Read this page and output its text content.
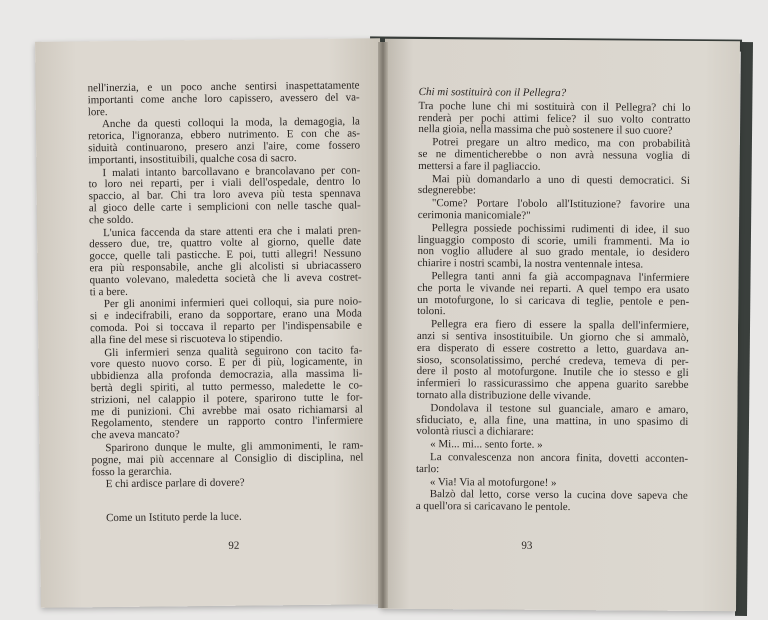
nell'inerzia, e un poco anche sentirsi inaspettatamente
importanti come anche loro capissero, avessero del va-
lore.
Anche da questi colloqui la moda, la demagogia, la
retorica, l'ignoranza, ebbero nutrimento. E con che as-
siduità continuarono, presero anzi l'aire, come fossero
importanti, insostituibili, qualche cosa di sacro.
I malati intanto barcollavano e brancolavano per con-
to loro nei reparti, per i viali dell'ospedale, dentro lo
spaccio, al bar. Chi tra loro aveva più testa spennava
al gioco delle carte i semplicioni con nelle tasche qual-
che soldo.
L'unica faccenda da stare attenti era che i malati pren-
dessero due, tre, quattro volte al giorno, quelle date
gocce, quelle tali pasticche. E poi, tutti allegri! Nessuno
era più responsabile, anche gli alcolisti si ubriacassero
quanto volevano, maledetta società che li aveva costret-
ti a bere.
Per gli anonimi infermieri quei colloqui, sia pure noio-
si e indecifrabili, erano da sopportare, erano una Moda
comoda. Poi si toccava il reparto per l'indispensabile e
alla fine del mese si riscuoteva lo stipendio.
Gli infermieri senza qualità seguirono con tacito fa-
vore questo nuovo corso. E per di più, logicamente, in
ubbidienza alla profonda democrazia, alla massima li-
bertà degli spiriti, al tutto permesso, maledette le co-
strizioni, nel calappio il potere, sparirono tutte le for-
me di punizioni. Chi avrebbe mai osato richiamarsi al
Regolamento, stendere un rapporto contro l'infermiere
che aveva mancato?
Sparirono dunque le multe, gli ammonimenti, le ram-
pogne, mai più accennare al Consiglio di disciplina, nel
fosso la gerarchia.
E chi ardisce parlare di dovere?
Come un Istituto perde la luce.
92
Chi mi sostituirà con il Pellegra?
Tra poche lune chi mi sostituirà con il Pellegra? chi lo
renderà per pochi attimi felice? il suo volto contratto
nella gioia, nella massima che può sostenere il suo cuore?
Potrei pregare un altro medico, ma con probabilità
se ne dimenticherebbe o non avrà nessuna voglia di
mettersi a fare il pagliaccio.
Mai più domandarlo a uno di questi democratici. Si
sdegnerebbe:
"Come? Portare l'obolo all'Istituzione? favorire una
cerimonia manicomiale?"
Pellegra possiede pochissimi rudimenti di idee, il suo
linguaggio composto di scorie, umili frammenti. Ma io
non voglio alludere al suo grado mentale, io desidero
chiarire i nostri scambi, la nostra ventennale intesa.
Pellegra tanti anni fa già accompagnava l'infermiere
che porta le vivande nei reparti. A quel tempo era usato
un motofurgone, lo si caricava di teglie, pentole e pen-
toloni.
Pellegra era fiero di essere la spalla dell'infermiere,
anzi si sentiva insostituibile. Un giorno che si ammalò,
era disperato di essere costretto a letto, guardava an-
sioso, sconsolatissimo, perché credeva, temeva di per-
dere il posto al motofurgone. Inutile che io stesso e gli
infermieri lo rassicurassimo che appena guarito sarebbe
tornato alla distribuzione delle vivande.
Dondolava il testone sul guanciale, amaro e amaro,
sfiduciato, e, alla fine, una mattina, in uno spasimo di
volontà riuscì a dichiarare:
« Mi... mi... sento forte. »
La convalescenza non ancora finita, dovetti acconten-
tarlo:
« Via! Via al motofurgone! »
Balzò dal letto, corse verso la cucina dove sapeva che
a quell'ora si caricavano le pentole.
93
